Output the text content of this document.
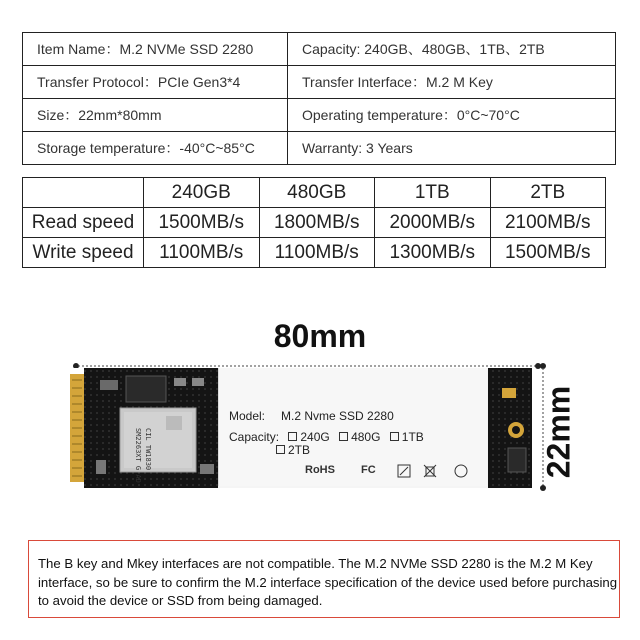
Item Name：M.2 NVMe SSD 2280	Capacity: 240GB、480GB、1TB、2TB
Transfer Protocol：PCIe Gen3*4	Transfer Interface：M.2 M Key
Size：22mm*80mm	Operating temperature：0°C~70°C
Storage temperature：-40°C~85°C	Warranty: 3 Years
	240GB	480GB	1TB	2TB
Read speed	1500MB/s	1800MB/s	2000MB/s	2100MB/s
Write speed	1100MB/s	1100MB/s	1300MB/s	1500MB/s
80mm
22mm
SM2263XT G AD CIL TW1830
Model: M.2 Nvme SSD 2280
Capacity: 240G 480G 1TB
2TB
RoHS FC

The B key and Mkey interfaces are not compatible. The M.2 NVMe SSD 2280 is the M.2 M Key interface, so be sure to confirm the M.2 interface specification of the device used before purchasing to avoid the device or SSD from being damaged.
